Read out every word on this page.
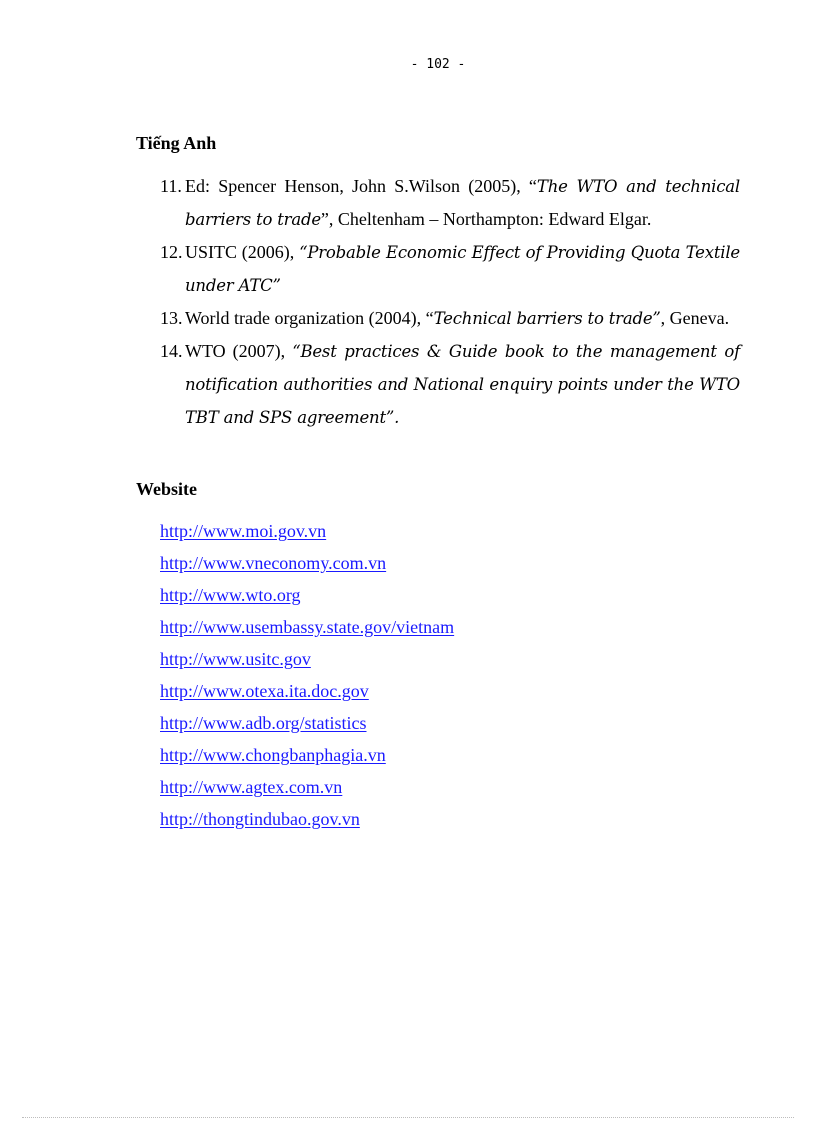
- 102 -
Tiếng Anh
11. Ed: Spencer Henson, John S.Wilson (2005), “The WTO and technical barriers to trade”, Cheltenham – Northampton: Edward Elgar.
12. USITC (2006), “Probable Economic Effect of Providing Quota Textile under ATC”
13. World trade organization (2004), “Technical barriers to trade”, Geneva.
14. WTO (2007), “Best practices & Guide book to the management of notification authorities and National enquiry points under the WTO TBT and SPS agreement”.
Website
http://www.moi.gov.vn
http://www.vneconomy.com.vn
http://www.wto.org
http://www.usembassy.state.gov/vietnam
http://www.usitc.gov
http://www.otexa.ita.doc.gov
http://www.adb.org/statistics
http://www.chongbanphagia.vn
http://www.agtex.com.vn
http://thongtindubao.gov.vn
